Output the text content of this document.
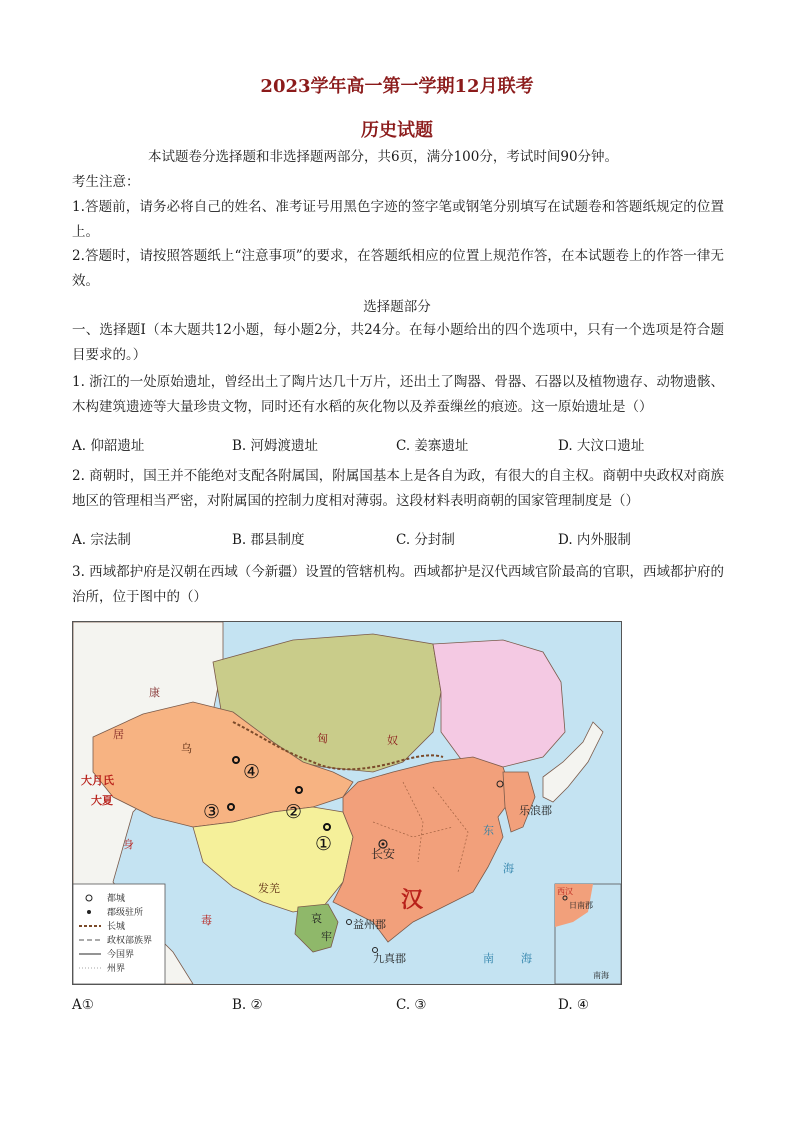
2023学年高一第一学期12月联考
历史试题
本试题卷分选择题和非选择题两部分，共6页，满分100分，考试时间90分钟。
考生注意：
1.答题前，请务必将自己的姓名、准考证号用黑色字迹的签字笔或钢笔分别填写在试题卷和答题纸规定的位置上。
2.答题时，请按照答题纸上“注意事项”的要求，在答题纸相应的位置上规范作答，在本试题卷上的作答一律无效。
选择题部分
一、选择题Ⅰ（本大题共12小题，每小题2分，共24分。在每小题给出的四个选项中，只有一个选项是符合题目要求的。）
1. 浙江的一处原始遗址，曾经出土了陶片达几十万片，还出土了陶器、骨器、石器以及植物遗存、动物遗骸、木构建筑遗迹等大量珍贵文物，同时还有水稻的灰化物以及养蚕缫丝的痕迹。这一原始遗址是（）
A. 仰韶遗址	B. 河姆渡遗址	C. 姜寨遗址	D. 大汶口遗址
2. 商朝时，国王并不能绝对支配各附属国，附属国基本上是各自为政，有很大的自主权。商朝中央政权对商族地区的管理相当严密，对附属国的控制力度相对薄弱。这段材料表明商朝的国家管理制度是（）
A. 宗法制	B. 郡县制度	C. 分封制	D. 内外服制
3. 西域都护府是汉朝在西域（今新疆）设置的管辖机构。西域都护是汉代西域官阶最高的官职，西域都护府的治所，位于图中的（）
康
居
乌
大月氏
大夏
身
毒
匈	奴
乐浪郡
长安
汉
发羌
哀
牢
益州郡
九真郡
东
海
南 海
①
②
③
④
都城
郡级驻所
长城
政权部族界
今国界
州界
西汉
日南郡
南海
A①	B. ②	C. ③	D. ④
